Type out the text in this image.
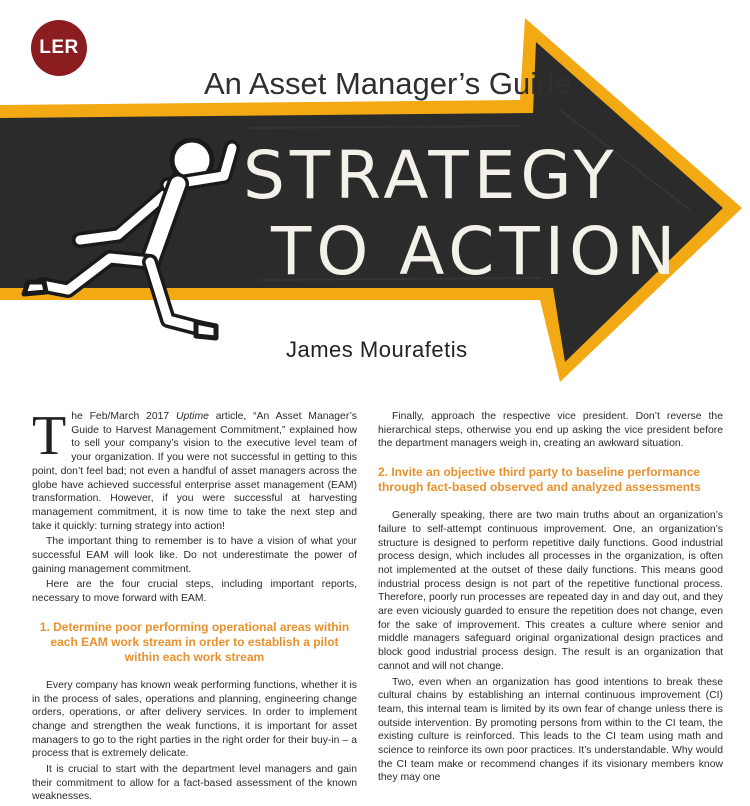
LER
An Asset Manager’s Guide
STRATEGY
TO ACTION
James Mourafetis

The Feb/March 2017 Uptime article, “An Asset Manager’s Guide to Harvest Management Commitment,” explained how to sell your company’s vision to the executive level team of your organization. If you were not successful in getting to this point, don’t feel bad; not even a handful of asset managers across the globe have achieved successful enterprise asset management (EAM) transformation. However, if you were successful at harvesting management commitment, it is now time to take the next step and take it quickly: turning strategy into action!

The important thing to remember is to have a vision of what your successful EAM will look like. Do not underestimate the power of gaining management commitment.

Here are the four crucial steps, including important reports, necessary to move forward with EAM.

1. Determine poor performing operational areas within each EAM work stream in order to establish a pilot within each work stream

Every company has known weak performing functions, whether it is in the process of sales, operations and planning, engineering change orders, operations, or after delivery services. In order to implement change and strengthen the weak functions, it is important for asset managers to go to the right parties in the right order for their buy-in – a process that is extremely delicate.

It is crucial to start with the department level managers and gain their commitment to allow for a fact-based assessment of the known weaknesses.

Finally, approach the respective vice president. Don’t reverse the hierarchical steps, otherwise you end up asking the vice president before the department managers weigh in, creating an awkward situation.

2. Invite an objective third party to baseline performance through fact-based observed and analyzed assessments

Generally speaking, there are two main truths about an organization’s failure to self-attempt continuous improvement. One, an organization’s structure is designed to perform repetitive daily functions. Good industrial process design, which includes all processes in the organization, is often not implemented at the outset of these daily functions. This means good industrial process design is not part of the repetitive functional process. Therefore, poorly run processes are repeated day in and day out, and they are even viciously guarded to ensure the repetition does not change, even for the sake of improvement. This creates a culture where senior and middle managers safeguard original organizational design practices and block good industrial process design. The result is an organization that cannot and will not change.

Two, even when an organization has good intentions to break these cultural chains by establishing an internal continuous improvement (CI) team, this internal team is limited by its own fear of change unless there is outside intervention. By promoting persons from within to the CI team, the existing culture is reinforced. This leads to the CI team using math and science to reinforce its own poor practices. It’s understandable. Why would the CI team make or recommend changes if its visionary members know they may one
